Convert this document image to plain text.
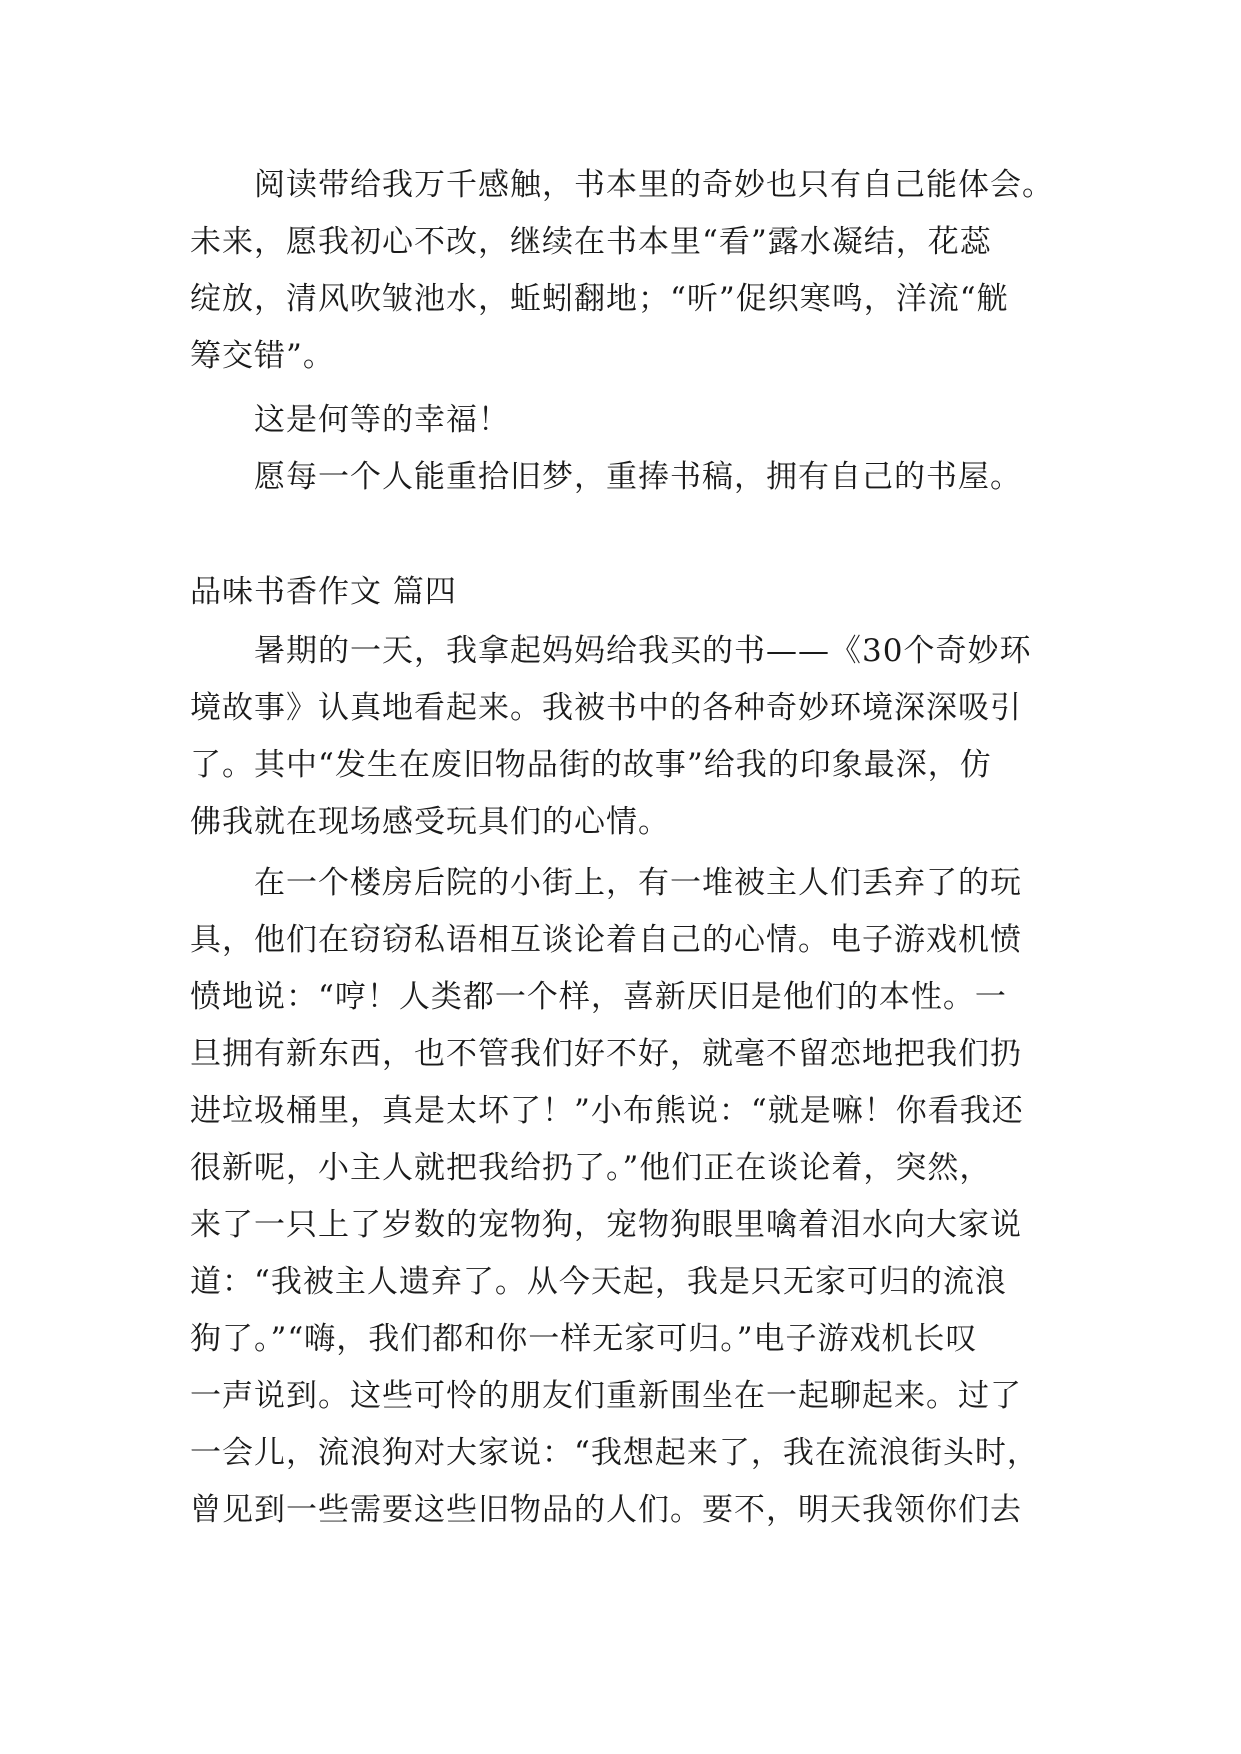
阅读带给我万千感触，书本里的奇妙也只有自己能体会。
未来，愿我初心不改，继续在书本里“看”露水凝结，花蕊
绽放，清风吹皱池水，蚯蚓翻地；“听”促织寒鸣，洋流“觥
筹交错”。
这是何等的幸福！
愿每一个人能重拾旧梦，重捧书稿，拥有自己的书屋。
品味书香作文 篇四
暑期的一天，我拿起妈妈给我买的书——《30个奇妙环
境故事》认真地看起来。我被书中的各种奇妙环境深深吸引
了。其中“发生在废旧物品街的故事”给我的印象最深，仿
佛我就在现场感受玩具们的心情。
在一个楼房后院的小街上，有一堆被主人们丢弃了的玩
具，他们在窃窃私语相互谈论着自己的心情。电子游戏机愤
愤地说：“哼！人类都一个样，喜新厌旧是他们的本性。一
旦拥有新东西，也不管我们好不好，就毫不留恋地把我们扔
进垃圾桶里，真是太坏了！”小布熊说：“就是嘛！你看我还
很新呢，小主人就把我给扔了。”他们正在谈论着，突然，
来了一只上了岁数的宠物狗，宠物狗眼里噙着泪水向大家说
道：“我被主人遗弃了。从今天起，我是只无家可归的流浪
狗了。”“嗨，我们都和你一样无家可归。”电子游戏机长叹
一声说到。这些可怜的朋友们重新围坐在一起聊起来。过了
一会儿，流浪狗对大家说：“我想起来了，我在流浪街头时，
曾见到一些需要这些旧物品的人们。要不，明天我领你们去
